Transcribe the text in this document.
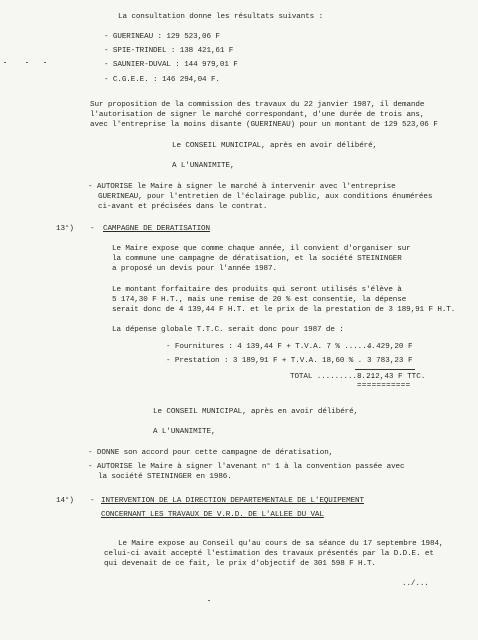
La consultation donne les résultats suivants :
- GUERINEAU : 129 523,06 F
- SPIE-TRINDEL : 138 421,61 F
- SAUNIER-DUVAL : 144 979,01 F
- C.G.E.E. : 146 294,04 F.
Sur proposition de la commission des travaux du 22 janvier 1987, il demande
l'autorisation de signer le marché correspondant, d'une durée de trois ans,
avec l'entreprise la moins disante (GUERINEAU) pour un montant de 129 523,06 F
Le CONSEIL MUNICIPAL, après en avoir délibéré,
A L'UNANIMITE,
- AUTORISE le Maire à signer le marché à intervenir avec l'entreprise
GUERINEAU, pour l'entretien de l'éclairage public, aux conditions énumérées
ci-avant et précisées dans le contrat.
13°) - CAMPAGNE DE DERATISATION
Le Maire expose que comme chaque année, il convient d'organiser sur
la commune une campagne de dératisation, et la société STEININGER
a proposé un devis pour l'année 1987.
Le montant forfaitaire des produits qui seront utilisés s'élève à
5 174,30 F H.T., mais une remise de 20 % est consentie, la dépense
serait donc de 4 139,44 F H.T. et le prix de la prestation de 3 189,91 F H.T.
La dépense globale T.T.C. serait donc pour 1987 de :
- Fournitures : 4 139,44 F + T.V.A. 7 % .......
4 429,20 F
- Prestation : 3 189,91 F + T.V.A. 18,60 % . 3 783,23 F
TOTAL .............
8 212,43 F TTC.
===========
Le CONSEIL MUNICIPAL, après en avoir délibéré,
A L'UNANIMITE,
- DONNE son accord pour cette campagne de dératisation,
- AUTORISE le Maire à signer l'avenant n° 1 à la convention passée avec
la société STEININGER en 1986.
14°) - INTERVENTION DE LA DIRECTION DEPARTEMENTALE DE L'EQUIPEMENT
CONCERNANT LES TRAVAUX DE V.R.D. DE L'ALLEE DU VAL
Le Maire expose au Conseil qu'au cours de sa séance du 17 septembre 1984,
celui-ci avait accepté l'estimation des travaux présentés par la D.D.E. et
qui devenait de ce fait, le prix d'objectif de 301 598 F H.T.
../...
